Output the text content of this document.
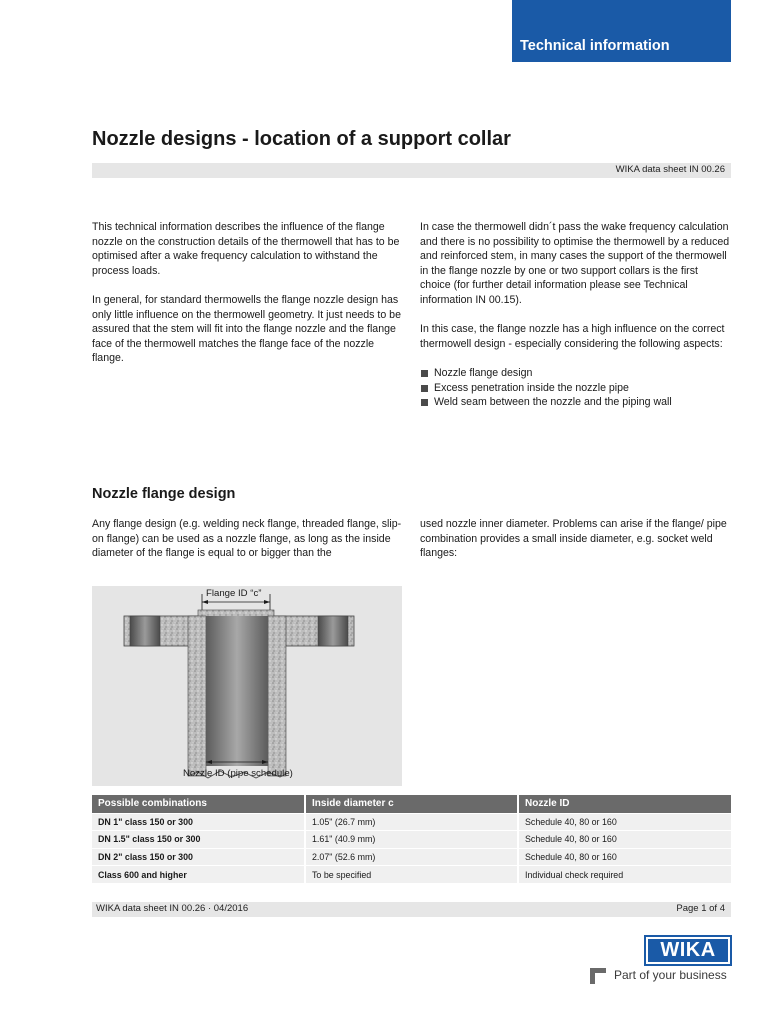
Technical information
Nozzle designs - location of a support collar
WIKA data sheet IN 00.26

This technical information describes the influence of the flange nozzle on the construction details of the thermowell that has to be optimised after a wake frequency calculation to withstand the process loads.

In general, for standard thermowells the flange nozzle design has only little influence on the thermowell geometry. It just needs to be assured that the stem will fit into the flange nozzle and the flange face of the thermowell matches the flange face of the nozzle flange.

In case the thermowell didn´t pass the wake frequency calculation and there is no possibility to optimise the thermowell by a reduced and reinforced stem, in many cases the support of the thermowell in the flange nozzle by one or two support collars is the first choice (for further detail information please see Technical information IN 00.15).

In this case, the flange nozzle has a high influence on the correct thermowell design - especially considering the following aspects:

Nozzle flange design
Excess penetration inside the nozzle pipe
Weld seam between the nozzle and the piping wall
Nozzle flange design

Any flange design (e.g. welding neck flange, threaded flange, slip-on flange) can be used as a nozzle flange, as long as the inside diameter of the flange is equal to or bigger than the

used nozzle inner diameter. Problems can arise if the flange/ pipe combination provides a small inside diameter, e.g. socket weld flanges:

Flange ID “c”
Nozzle ID (pipe schedule)
Possible combinations	Inside diameter c	Nozzle ID
DN 1" class 150 or 300	1.05" (26.7 mm)	Schedule 40, 80 or 160
DN 1.5" class 150 or 300	1.61" (40.9 mm)	Schedule 40, 80 or 160
DN 2" class 150 or 300	2.07" (52.6 mm)	Schedule 40, 80 or 160
Class 600 and higher	To be specified	Individual check required
WIKA data sheet IN 00.26 · 04/2016	Page 1 of 4
WIKA
Part of your business
